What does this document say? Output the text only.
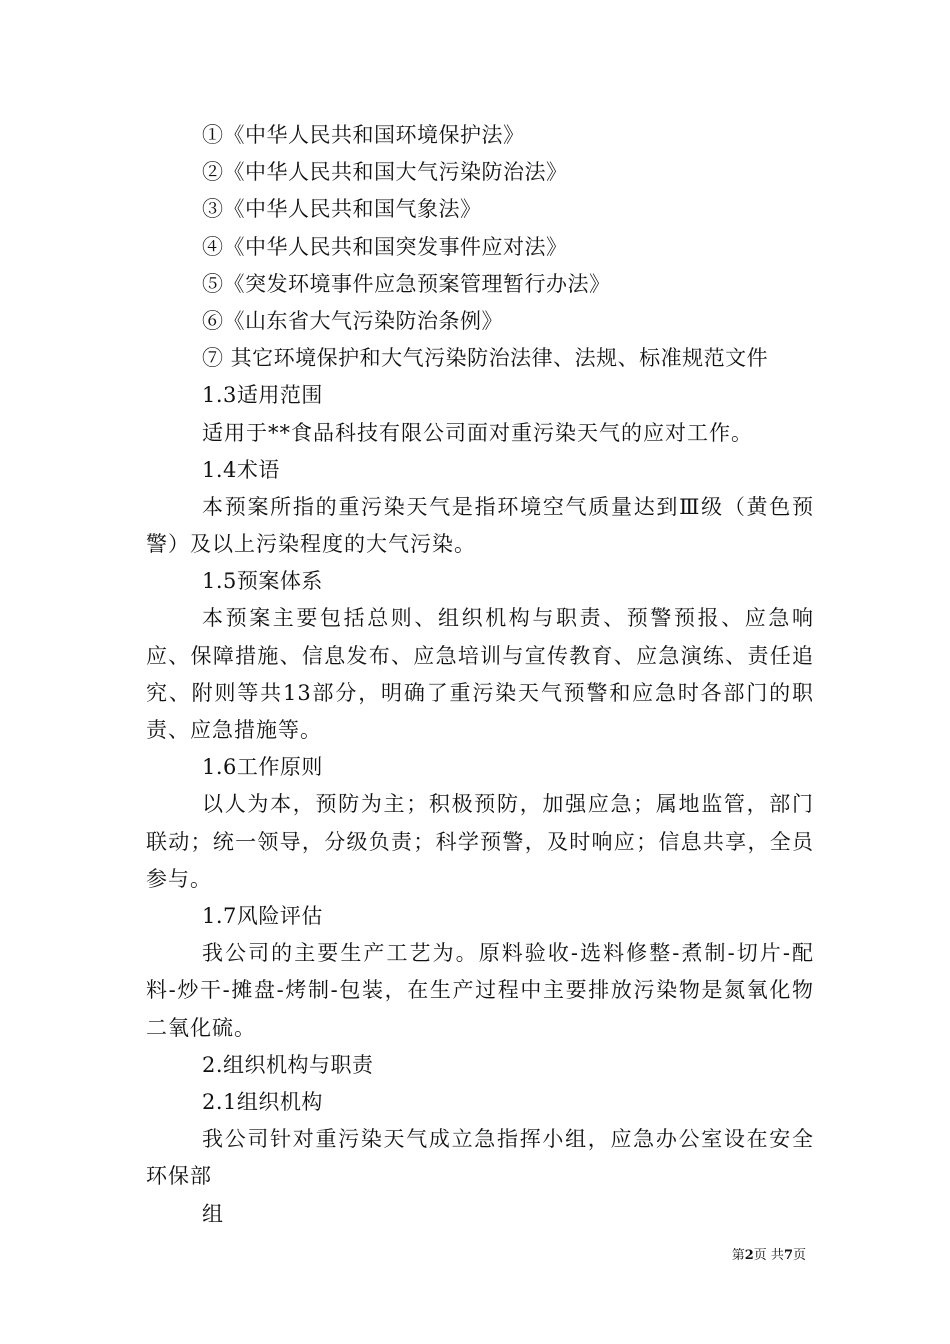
①《中华人民共和国环境保护法》
②《中华人民共和国大气污染防治法》
③《中华人民共和国气象法》
④《中华人民共和国突发事件应对法》
⑤《突发环境事件应急预案管理暂行办法》
⑥《山东省大气污染防治条例》
⑦ 其它环境保护和大气污染防治法律、法规、标准规范文件
1.3适用范围

适用于**食品科技有限公司面对重污染天气的应对工作。

1.4术语

本预案所指的重污染天气是指环境空气质量达到Ⅲ级（黄色预警）及以上污染程度的大气污染。

1.5预案体系

本预案主要包括总则、组织机构与职责、预警预报、应急响应、保障措施、信息发布、应急培训与宣传教育、应急演练、责任追究、附则等共13部分，明确了重污染天气预警和应急时各部门的职责、应急措施等。

1.6工作原则

以人为本，预防为主；积极预防，加强应急；属地监管，部门联动；统一领导，分级负责；科学预警，及时响应；信息共享，全员参与。

1.7风险评估

我公司的主要生产工艺为。原料验收-选料修整-煮制-切片-配料-炒干-摊盘-烤制-包装，在生产过程中主要排放污染物是氮氧化物二氧化硫。

2.组织机构与职责
2.1组织机构

我公司针对重污染天气成立急指挥小组，应急办公室设在安全环保部

组
第2页 共7页
